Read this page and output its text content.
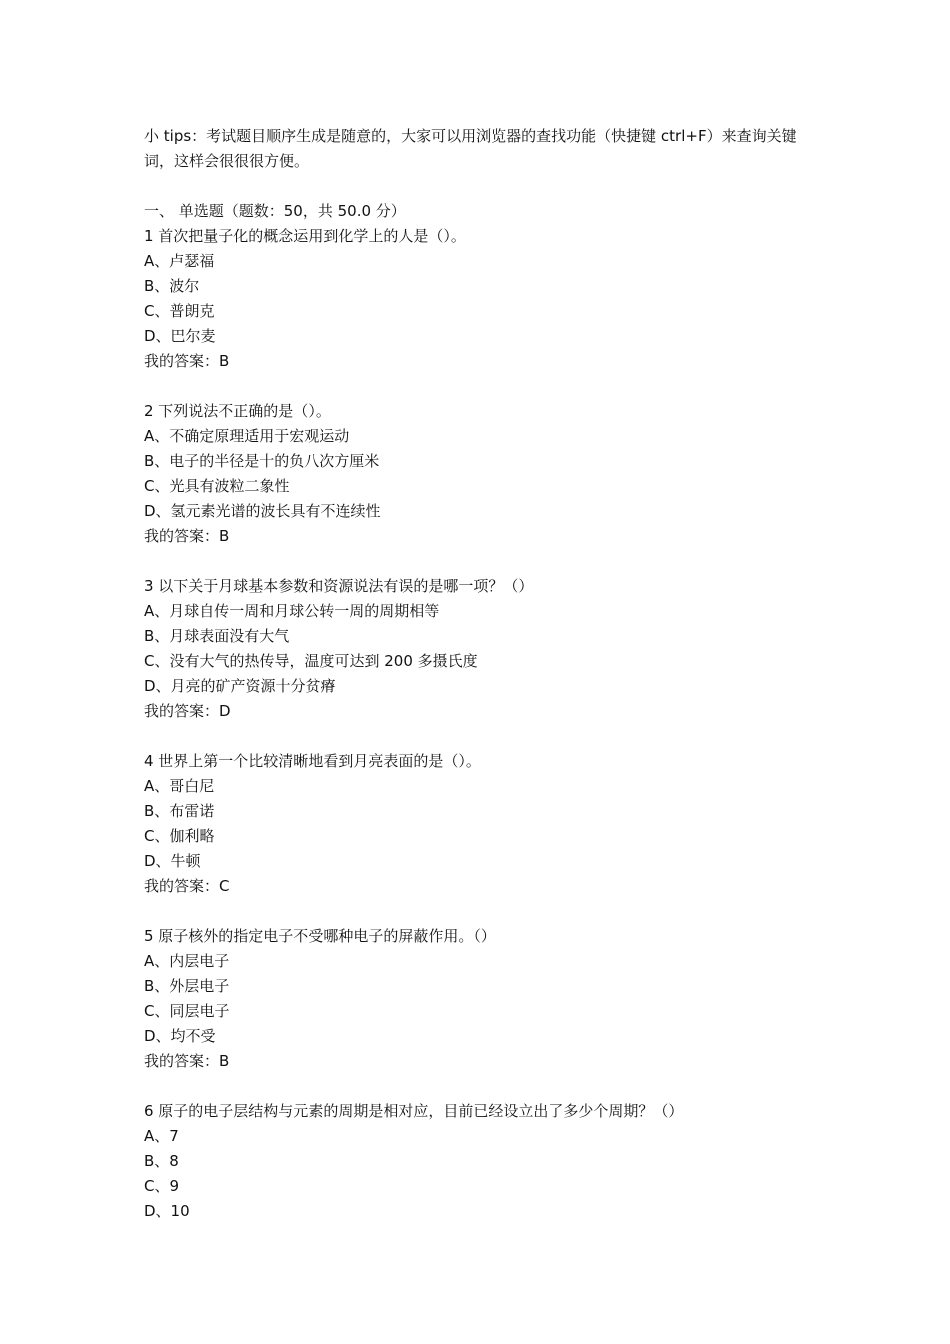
小 tips：考试题目顺序生成是随意的，大家可以用浏览器的查找功能（快捷键 ctrl+F）来查询关键词，这样会很很很方便。
一、 单选题（题数：50，共 50.0 分）
1 首次把量子化的概念运用到化学上的人是（）。
A、卢瑟福
B、波尔
C、普朗克
D、巴尔麦
我的答案：B
2 下列说法不正确的是（）。
A、不确定原理适用于宏观运动
B、电子的半径是十的负八次方厘米
C、光具有波粒二象性
D、氢元素光谱的波长具有不连续性
我的答案：B
3 以下关于月球基本参数和资源说法有误的是哪一项？（）
A、月球自传一周和月球公转一周的周期相等
B、月球表面没有大气
C、没有大气的热传导，温度可达到 200 多摄氏度
D、月亮的矿产资源十分贫瘠
我的答案：D
4 世界上第一个比较清晰地看到月亮表面的是（）。
A、哥白尼
B、布雷诺
C、伽利略
D、牛顿
我的答案：C
5 原子核外的指定电子不受哪种电子的屏蔽作用。（）
A、内层电子
B、外层电子
C、同层电子
D、均不受
我的答案：B
6 原子的电子层结构与元素的周期是相对应，目前已经设立出了多少个周期？（）
A、7
B、8
C、9
D、10
